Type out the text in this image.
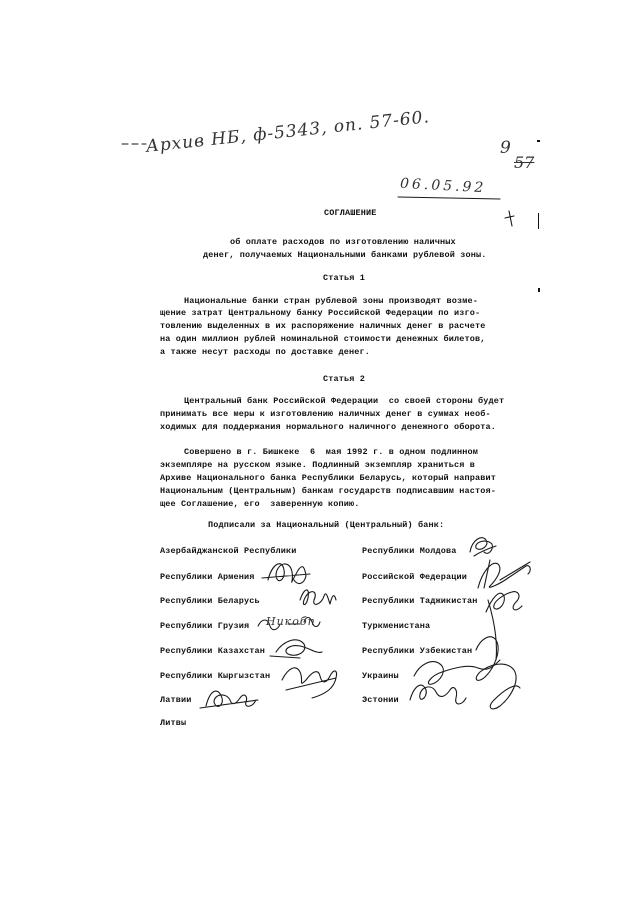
Архив НБ, ф-5343, оп. 57-60.
06.05.92
9
57
СОГЛАШЕНИЕ
об оплате расходов по изготовлению наличных
денег, получаемых Национальными банками рублевой зоны.
Статья 1
Национальные банки стран рублевой зоны производят возме-
щение затрат Центральному банку Российской Федерации по изго-
товлению выделенных в их распоряжение наличных денег в расчете
на один миллион рублей номинальной стоимости денежных билетов,
а также несут расходы по доставке денег.
Статья 2
Центральный банк Российской Федерации  со своей стороны будет
принимать все меры к изготовлению наличных денег в суммах необ-
ходимых для поддержания нормального наличного денежного оборота.
Совершено в г. Бишкеке  6  мая 1992 г. в одном подлинном
экземпляре на русском языке. Подлинный экземпляр храниться в
Архиве Национального банка Республики Беларусь, который направит
Национальным (Центральным) банкам государств подписавшим настоя-
щее Соглашение, его  заверенную копию.
Подписали за Национальный (Центральный) банк:
Азербайджанской Республики
Республики Армения
Республики Беларусь
Республики Грузия
Республики Казахстан
Республики Кыргызстан
Латвии
Литвы
Республики Молдова
Российской Федерации
Республики Таджикистан
Туркменистана
Республики Узбекистан
Украины
Эстонии
Никобп
